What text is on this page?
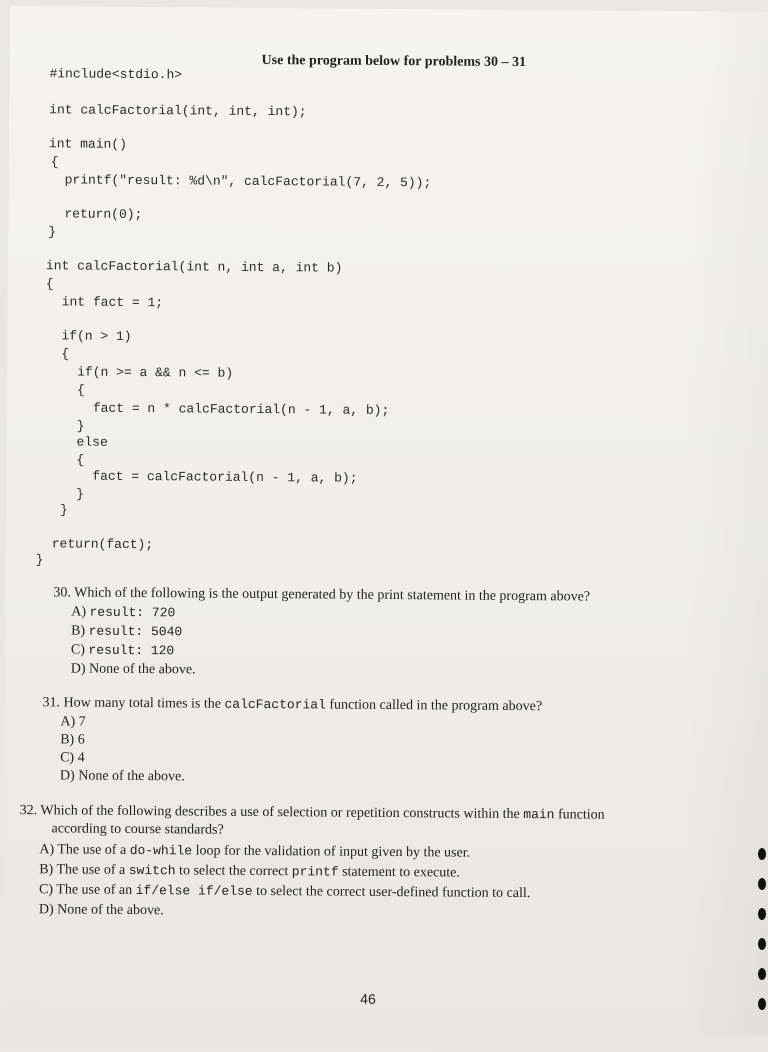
Use the program below for problems 30 – 31
#include<stdio.h>
int calcFactorial(int, int, int);
int main()
{
printf("result: %d\n", calcFactorial(7, 2, 5));
return(0);
}
int calcFactorial(int n, int a, int b)
{
int fact = 1;
if(n > 1)
{
if(n >= a && n <= b)
{
fact = n * calcFactorial(n - 1, a, b);
}
else
{
fact = calcFactorial(n - 1, a, b);
}
}
return(fact);
}
30. Which of the following is the output generated by the print statement in the program above?
A) result: 720
B) result: 5040
C) result: 120
D) None of the above.
31. How many total times is the calcFactorial function called in the program above?
A) 7
B) 6
C) 4
D) None of the above.
32. Which of the following describes a use of selection or repetition constructs within the main function
according to course standards?
A) The use of a do-while loop for the validation of input given by the user.
B) The use of a switch to select the correct printf statement to execute.
C) The use of an if/else if/else to select the correct user-defined function to call.
D) None of the above.
46
